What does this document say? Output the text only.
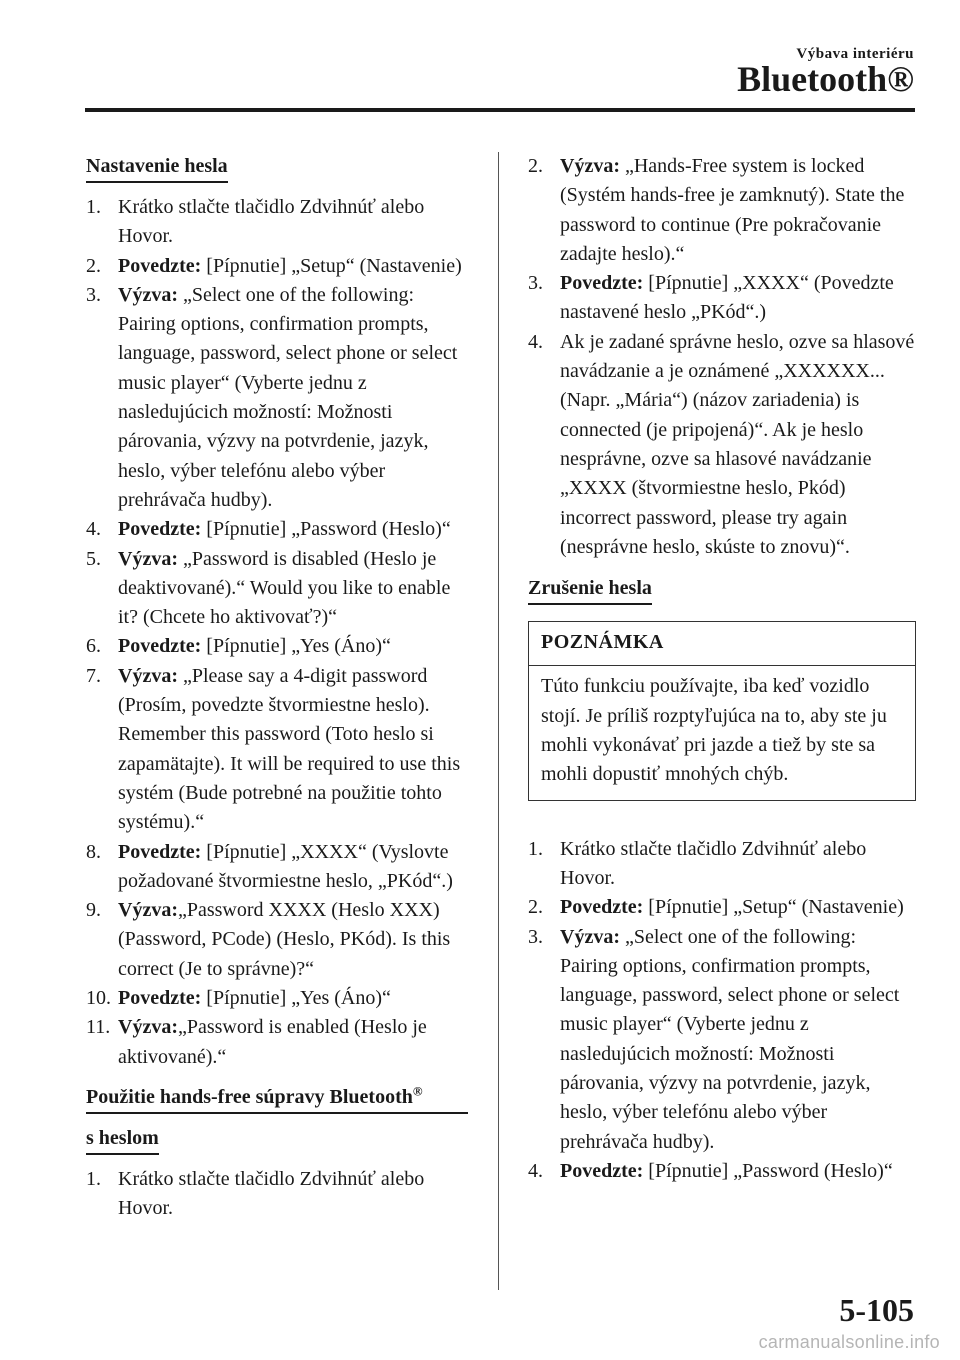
Výbava interiéru
Bluetooth®
Nastavenie hesla
1. Krátko stlačte tlačidlo Zdvihnúť alebo Hovor.
2. Povedzte: [Pípnutie] „Setup“ (Nastavenie)
3. Výzva: „Select one of the following: Pairing options, confirmation prompts, language, password, select phone or select music player“ (Vyberte jednu z nasledujúcich možností: Možnosti párovania, výzvy na potvrdenie, jazyk, heslo, výber telefónu alebo výber prehrávača hudby).
4. Povedzte: [Pípnutie] „Password (Heslo)“
5. Výzva: „Password is disabled (Heslo je deaktivované).“ Would you like to enable it? (Chcete ho aktivovať?)“
6. Povedzte: [Pípnutie] „Yes (Áno)“
7. Výzva: „Please say a 4-digit password (Prosím, povedzte štvormiestne heslo). Remember this password (Toto heslo si zapamätajte). It will be required to use this systém (Bude potrebné na použitie tohto systému).“
8. Povedzte: [Pípnutie] „XXXX“ (Vyslovte požadované štvormiestne heslo, „PKód“.)
9. Výzva:„Password XXXX (Heslo XXX) (Password, PCode) (Heslo, PKód). Is this correct (Je to správne)?“
10. Povedzte: [Pípnutie] „Yes (Áno)“
11. Výzva:„Password is enabled (Heslo je aktivované).“
Použitie hands-free súpravy Bluetooth®
s heslom
1. Krátko stlačte tlačidlo Zdvihnúť alebo Hovor.
2. Výzva: „Hands-Free system is locked (Systém hands-free je zamknutý). State the password to continue (Pre pokračovanie zadajte heslo).“
3. Povedzte: [Pípnutie] „XXXX“ (Povedzte nastavené heslo „PKód“.)
4. Ak je zadané správne heslo, ozve sa hlasové navádzanie a je oznámené „XXXXXX... (Napr. „Mária“) (názov zariadenia) is connected (je pripojená)“. Ak je heslo nesprávne, ozve sa hlasové navádzanie „XXXX (štvormiestne heslo, Pkód) incorrect password, please try again (nesprávne heslo, skúste to znovu)“.
Zrušenie hesla
POZNÁMKA
Túto funkciu používajte, iba keď vozidlo stojí. Je príliš rozptyľujúca na to, aby ste ju mohli vykonávať pri jazde a tiež by ste sa mohli dopustiť mnohých chýb.
1. Krátko stlačte tlačidlo Zdvihnúť alebo Hovor.
2. Povedzte: [Pípnutie] „Setup“ (Nastavenie)
3. Výzva: „Select one of the following: Pairing options, confirmation prompts, language, password, select phone or select music player“ (Vyberte jednu z nasledujúcich možností: Možnosti párovania, výzvy na potvrdenie, jazyk, heslo, výber telefónu alebo výber prehrávača hudby).
4. Povedzte: [Pípnutie] „Password (Heslo)“
5-105
carmanualsonline.info
